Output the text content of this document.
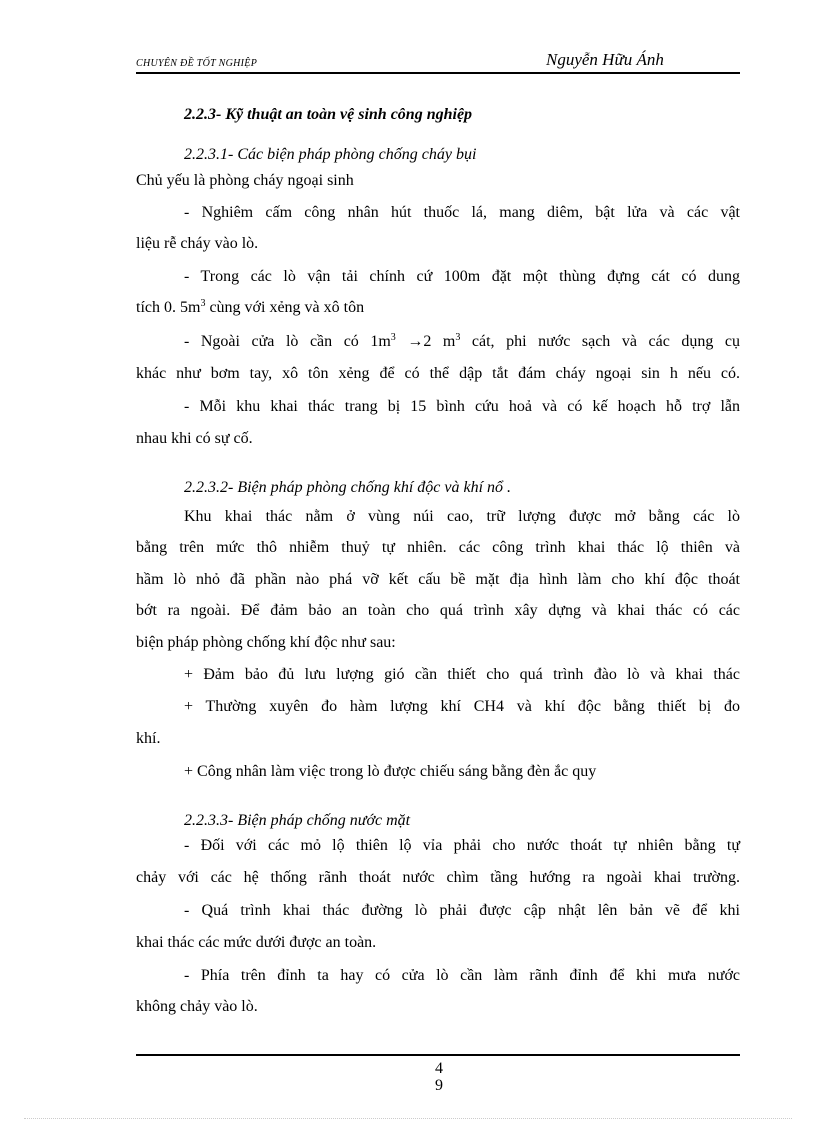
CHUYÊN ĐỀ TỐT NGHIỆP	Nguyễn Hữu Ánh
2.2.3- Kỹ thuật an toàn vệ sinh công nghiệp
2.2.3.1- Các biện pháp phòng chống cháy bụi
Chủ yếu là phòng cháy ngoại sinh
- Nghiêm cấm công nhân hút thuốc lá, mang diêm, bật lửa và các vật
liệu rễ cháy vào lò.
- Trong các lò vận tải chính cứ 100m đặt một thùng đựng cát có dung
tích 0. $5m^3$ cùng với xẻng và xô tôn
- Ngoài cửa lò cần có $1m^3 \to 2$ $m^3$ cát, phi nước sạch và các dụng cụ
khác như bơm tay, xô tôn xẻng để có thể dập tắt đám cháy ngoại sin h nếu có.
- Mỗi khu khai thác trang bị 15 bình cứu hoả và có kế hoạch hỗ trợ lẫn
nhau khi có sự cố.
2.2.3.2- Biện pháp phòng chống khí độc và khí nổ .
Khu khai thác nằm ở vùng núi cao, trữ lượng được mở bằng các lò
bằng trên mức thô nhiễm thuỷ tự nhiên. các công trình khai thác lộ thiên và
hầm lò nhỏ đã phần nào phá vỡ kết cấu bề mặt địa hình làm cho khí độc thoát
bớt ra ngoài. Để đảm bảo an toàn cho quá trình xây dựng và khai thác có các
biện pháp phòng chống khí độc như sau:
+ Đảm bảo đủ lưu lượng gió cần thiết cho quá trình đào lò và khai thác
+ Thường xuyên đo hàm lượng khí CH4 và khí độc bằng thiết bị đo
khí.
+ Công nhân làm việc trong lò được chiếu sáng bằng đèn ắc quy
2.2.3.3- Biện pháp chống nước mặt
- Đối với các mỏ lộ thiên lộ vỉa phải cho nước thoát tự nhiên bằng tự
chảy với các hệ thống rãnh thoát nước chìm tầng hướng ra ngoài khai trường.
- Quá trình khai thác đường lò phải được cập nhật lên bản vẽ để khi
khai thác các mức dưới được an toàn.
- Phía trên đỉnh ta hay có cửa lò cần làm rãnh đỉnh để khi mưa nước
không chảy vào lò.
4
9
